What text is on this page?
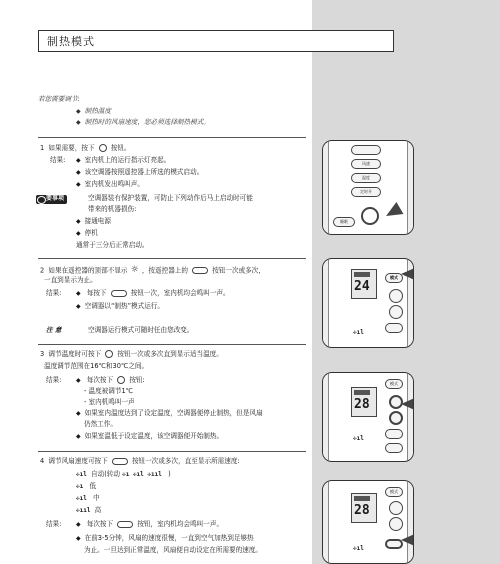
制热模式
若您需要调节:
◆ 制热温度
◆ 制热时的风扇速度，您必须选择制热模式。
1 如果需要，按下 按钮。
结果:	◆ 室内机上的运行指示灯亮起。
◆ 该空调器按照遥控器上所选的模式启动。
◆ 室内机发出鸣叫声。
要事项	空调器装有保护装置，可防止下列动作后马上启动时可能
带来的机器损伤:
◆ 接通电源
◆ 停机
通常于三分后正常启动。
2 如果在遥控器的顶部不显示 ☼ ，按遥控器上的	按钮一次或多次，
一直到显示为止。
结果:	◆ 每按下	按钮一次，室内机均会鸣叫一声。
◆ 空调器以“制热”模式运行。
注 意	空调器运行模式可随时任由您改变。
3 调节温度时可按下 按钮一次或多次直到显示适当温度。
温度调节范围在16℃和30℃之间。
结果:	◆ 每次按下 按钮:
- 温度被调节1℃
- 室内机鸣叫一声
◆ 如果室内温度达到了设定温度，空调器便停止制热，但是风扇
仍然工作。
◆ 如果室温低于设定温度，该空调器便开始制热。
4 调节风扇速度可按下	按钮一次或多次，直至显示所需速度:
✣ıl 自动(转动 ✣ı ✣ıl ✣ııl )
✣ı 低
✣ıl 中
✣ııl 高
结果:	◆ 每次按下	按钮，室内机均会鸣叫一声。
◆ 在前3-5分钟，风扇的速度很慢，一直到空气加热到足够热
为止。一旦达到正常温度，风扇便自动设定在所需要的速度。
风速
温度
定时开
睡眠
24
模式
✣ıl
28
模式
✣ıl
28
模式
✣ıl
